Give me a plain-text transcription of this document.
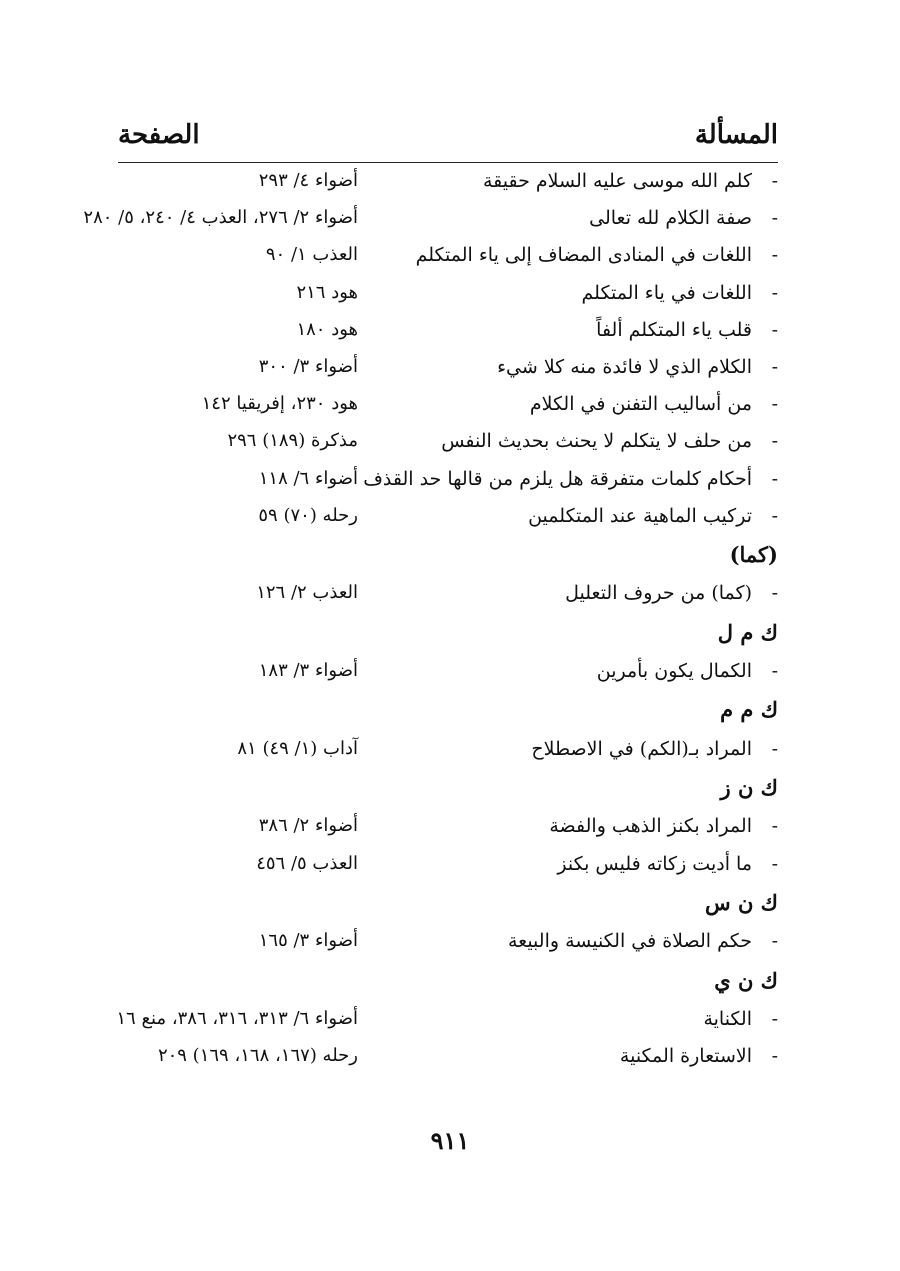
المسألة
الصفحة
-
كلم الله موسى عليه السلام حقيقة
أضواء ٤/ ٢٩٣
-
صفة الكلام لله تعالى
أضواء ٢/ ٢٧٦، العذب ٤/ ٢٤٠، ٥/ ٢٨٠
-
اللغات في المنادى المضاف إلى ياء المتكلم
العذب ١/ ٩٠
-
اللغات في ياء المتكلم
هود ٢١٦
-
قلب ياء المتكلم ألفاً
هود ١٨٠
-
الكلام الذي لا فائدة منه كلا شيء
أضواء ٣/ ٣٠٠
-
من أساليب التفنن في الكلام
هود ٢٣٠، إفريقيا ١٤٢
-
من حلف لا يتكلم لا يحنث بحديث النفس
مذكرة (١٨٩) ٢٩٦
-
أحكام كلمات متفرقة هل يلزم من قالها حد القذف
أضواء ٦/ ١١٨
-
تركيب الماهية عند المتكلمين
رحله (٧٠) ٥٩
(كما)
-
(كما) من حروف التعليل
العذب ٢/ ١٢٦
ك م ل
-
الكمال يكون بأمرين
أضواء ٣/ ١٨٣
ك م م
-
المراد بـ(الكم) في الاصطلاح
آداب (١/ ٤٩) ٨١
ك ن ز
-
المراد بكنز الذهب والفضة
أضواء ٢/ ٣٨٦
-
ما أديت زكاته فليس بكنز
العذب ٥/ ٤٥٦
ك ن س
-
حكم الصلاة في الكنيسة والبيعة
أضواء ٣/ ١٦٥
ك ن ي
-
الكناية
أضواء ٦/ ٣١٣، ٣١٦، ٣٨٦، منع ١٦
-
الاستعارة المكنية
رحله (١٦٧، ١٦٨، ١٦٩) ٢٠٩
٩١١
